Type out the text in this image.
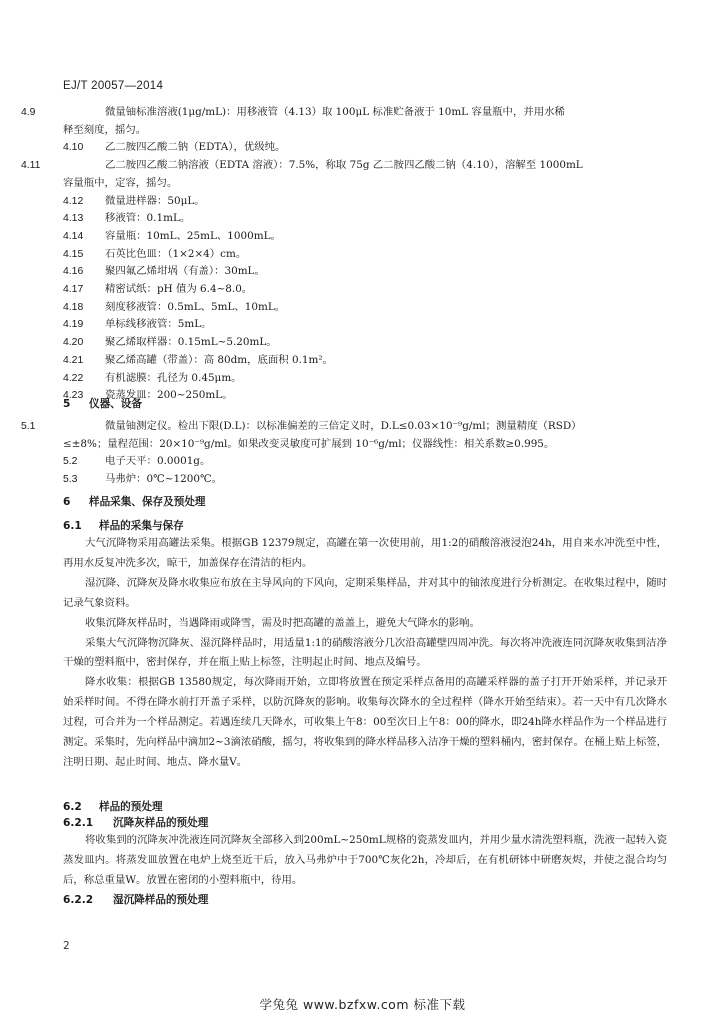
EJ/T 20057—2014
4.9	微量铀标准溶液(1μg/mL)：用移液管（4.13）取 100μL 标准贮备液于 10mL 容量瓶中，并用水稀
释至刻度，摇匀。
4.10 乙二胺四乙酸二钠（EDTA），优级纯。
4.11	乙二胺四乙酸二钠溶液（EDTA 溶液）：7.5%，称取 75g 乙二胺四乙酸二钠（4.10），溶解至 1000mL
容量瓶中，定容，摇匀。
4.12 微量进样器：50μL。
4.13 移液管：0.1mL。
4.14 容量瓶：10mL、25mL、1000mL。
4.15 石英比色皿：（1×2×4）cm。
4.16 聚四氟乙烯坩埚（有盖）：30mL。
4.17 精密试纸：pH 值为 6.4~8.0。
4.18 刻度移液管：0.5mL、5mL、10mL。
4.19 单标线移液管：5mL。
4.20 聚乙烯取样器：0.15mL~5.20mL。
4.21 聚乙烯高罐（带盖）：高 80dm，底面积 0.1m²。
4.22 有机滤膜：孔径为 0.45μm。
4.23 瓷蒸发皿：200~250mL。
5 仪器、设备
5.1	微量铀测定仪。检出下限(D.L)：以标准偏差的三倍定义时，D.L≤0.03×10⁻⁹g/ml；测量精度（RSD）
≤±8%；量程范围：20×10⁻⁹g/ml。如果改变灵敏度可扩展到 10⁻⁶g/ml；仪器线性：相关系数≥0.995。
5.2	电子天平：0.0001g。
5.3	马弗炉：0℃~1200℃。
6 样品采集、保存及预处理
6.1 样品的采集与保存

大气沉降物采用高罐法采集。根据GB 12379规定，高罐在第一次使用前，用1:2的硝酸溶液浸泡24h，用自来水冲洗至中性，再用水反复冲洗多次，晾干，加盖保存在清洁的柜内。

湿沉降、沉降灰及降水收集应布放在主导风向的下风向，定期采集样品，并对其中的铀浓度进行分析测定。在收集过程中，随时记录气象资料。

收集沉降灰样品时，当遇降雨或降雪，需及时把高罐的盖盖上，避免大气降水的影响。

采集大气沉降物沉降灰、湿沉降样品时，用适量1:1的硝酸溶液分几次沿高罐壁四周冲洗。每次将冲洗液连同沉降灰收集到洁净干燥的塑料瓶中，密封保存，并在瓶上贴上标签，注明起止时间、地点及编号。

降水收集：根据GB 13580规定，每次降雨开始，立即将放置在预定采样点备用的高罐采样器的盖子打开开始采样，并记录开始采样时间。不得在降水前打开盖子采样，以防沉降灰的影响。收集每次降水的全过程样（降水开始至结束）。若一天中有几次降水过程，可合并为一个样品测定。若遇连续几天降水，可收集上午8：00至次日上午8：00的降水，即24h降水样品作为一个样品进行测定。采集时，先向样品中滴加2~3滴浓硝酸，摇匀，将收集到的降水样品移入洁净干燥的塑料桶内，密封保存。在桶上贴上标签，注明日期、起止时间、地点、降水量V。

6.2 样品的预处理
6.2.1 沉降灰样品的预处理

将收集到的沉降灰冲洗液连同沉降灰全部移入到200mL~250mL规格的瓷蒸发皿内，并用少量水清洗塑料瓶，洗液一起转入瓷蒸发皿内。将蒸发皿放置在电炉上烧至近干后，放入马弗炉中于700℃灰化2h，冷却后，在有机研钵中研磨灰烬，并使之混合均匀后，称总重量W。放置在密闭的小塑料瓶中，待用。

6.2.2 湿沉降样品的预处理
2
学兔兔 www.bzfxw.com 标准下载
